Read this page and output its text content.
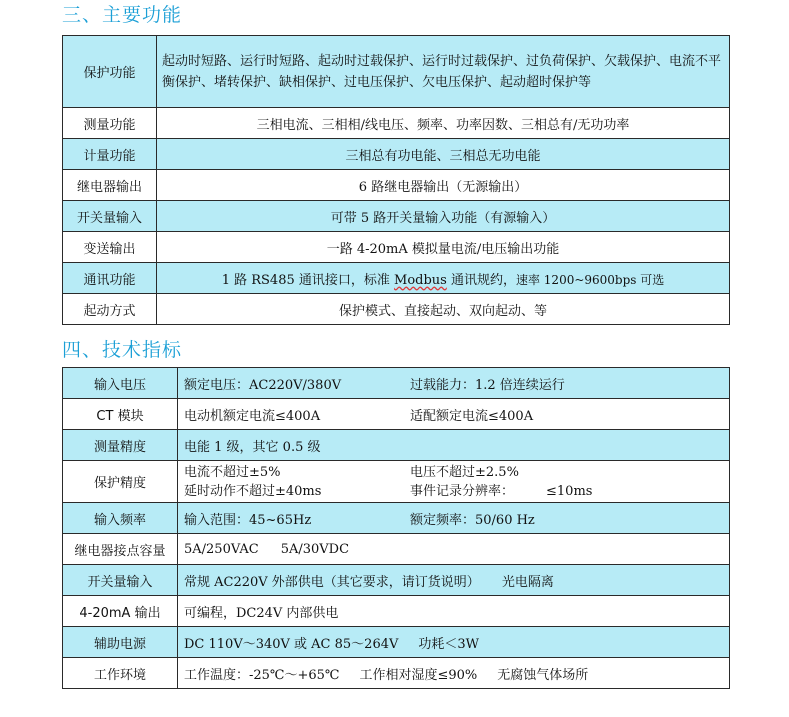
三、主要功能
保护功能	起动时短路、运行时短路、起动时过载保护、运行时过载保护、过负荷保护、欠载保护、电流不平衡保护、堵转保护、缺相保护、过电压保护、欠电压保护、起动超时保护等
测量功能	三相电流、三相相/线电压、频率、功率因数、三相总有/无功功率
计量功能	三相总有功电能、三相总无功电能
继电器输出	6 路继电器输出（无源输出）
开关量输入	可带 5 路开关量输入功能（有源输入）
变送输出	一路 4-20mA 模拟量电流/电压输出功能
通讯功能	1 路 RS485 通讯接口，标准 Modbus 通讯规约，速率 1200~9600bps 可选
起动方式	保护模式、直接起动、双向起动、等
四、技术指标
输入电压	额定电压：AC220V/380V 过载能力：1.2 倍连续运行
CT 模块	电动机额定电流≤400A 适配额定电流≤400A
测量精度	电能 1 级，其它 0.5 级
保护精度	电流不超过±5% 电压不超过±2.5%
延时动作不超过±40ms 事件记录分辨率： ≤10ms

输入频率	输入范围：45~65Hz 额定频率：50/60 Hz
继电器接点容量	5A/250VAC 5A/30VDC
开关量输入	常规 AC220V 外部供电（其它要求，请订货说明） 光电隔离
4-20mA 输出	可编程，DC24V 内部供电
辅助电源	DC 110V～340V 或 AC 85～264V 功耗＜3W
工作环境	工作温度：-25℃～+65℃ 工作相对湿度≤90% 无腐蚀气体场所
